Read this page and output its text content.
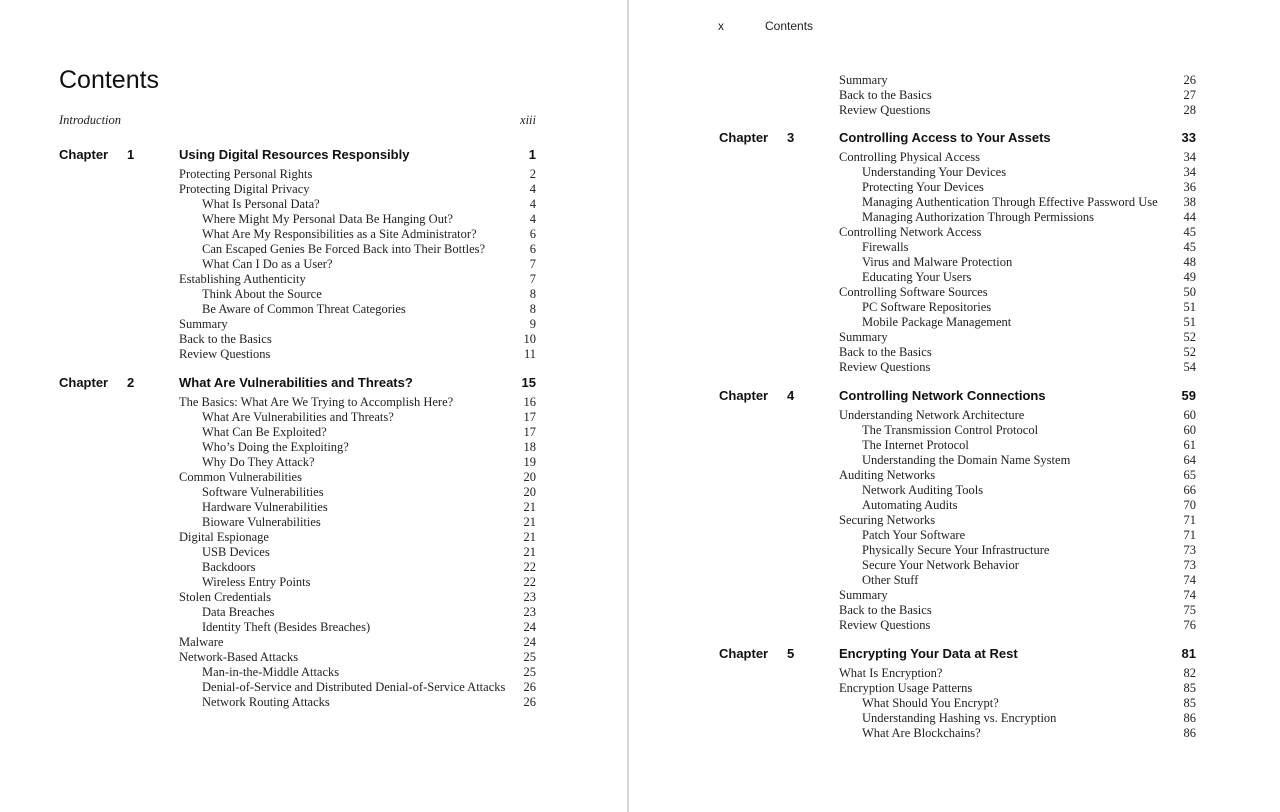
Contents
Introduction	xiii
Chapter 1	Using Digital Resources Responsibly	1
Protecting Personal Rights	2
Protecting Digital Privacy	4
What Is Personal Data?	4
Where Might My Personal Data Be Hanging Out?	4
What Are My Responsibilities as a Site Administrator?	6
Can Escaped Genies Be Forced Back into Their Bottles?	6
What Can I Do as a User?	7
Establishing Authenticity	7
Think About the Source	8
Be Aware of Common Threat Categories	8
Summary	9
Back to the Basics	10
Review Questions	11
Chapter 2	What Are Vulnerabilities and Threats?	15
The Basics: What Are We Trying to Accomplish Here?	16
What Are Vulnerabilities and Threats?	17
What Can Be Exploited?	17
Who’s Doing the Exploiting?	18
Why Do They Attack?	19
Common Vulnerabilities	20
Software Vulnerabilities	20
Hardware Vulnerabilities	21
Bioware Vulnerabilities	21
Digital Espionage	21
USB Devices	21
Backdoors	22
Wireless Entry Points	22
Stolen Credentials	23
Data Breaches	23
Identity Theft (Besides Breaches)	24
Malware	24
Network-Based Attacks	25
Man-in-the-Middle Attacks	25
Denial-of-Service and Distributed Denial-of-Service Attacks 26
Network Routing Attacks	26
x	Contents
Summary	26
Back to the Basics	27
Review Questions	28
Chapter 3	Controlling Access to Your Assets	33
Controlling Physical Access	34
Understanding Your Devices	34
Protecting Your Devices	36
Managing Authentication Through Effective Password Use 38
Managing Authorization Through Permissions	44
Controlling Network Access	45
Firewalls	45
Virus and Malware Protection	48
Educating Your Users	49
Controlling Software Sources	50
PC Software Repositories	51
Mobile Package Management	51
Summary	52
Back to the Basics	52
Review Questions	54
Chapter 4	Controlling Network Connections	59
Understanding Network Architecture	60
The Transmission Control Protocol	60
The Internet Protocol	61
Understanding the Domain Name System	64
Auditing Networks	65
Network Auditing Tools	66
Automating Audits	70
Securing Networks	71
Patch Your Software	71
Physically Secure Your Infrastructure	73
Secure Your Network Behavior	73
Other Stuff	74
Summary	74
Back to the Basics	75
Review Questions	76
Chapter 5	Encrypting Your Data at Rest	81
What Is Encryption?	82
Encryption Usage Patterns	85
What Should You Encrypt?	85
Understanding Hashing vs. Encryption	86
What Are Blockchains?	86
